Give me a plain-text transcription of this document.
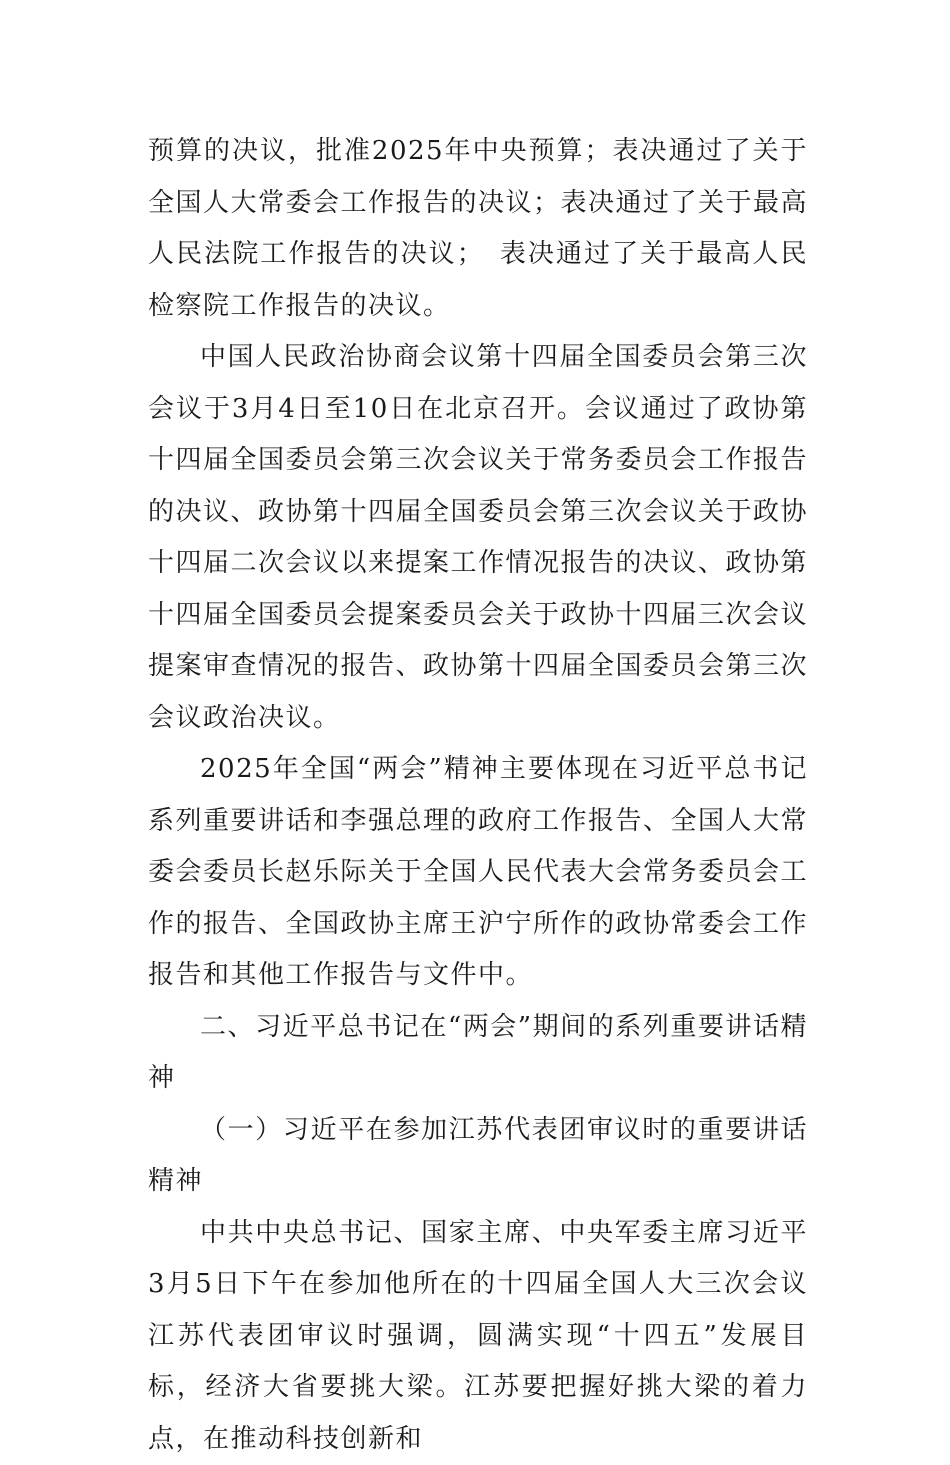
预算的决议，批准2025年中央预算；表决通过了关于全国人大常委会工作报告的决议；表决通过了关于最高人民法院工作报告的决议；　表决通过了关于最高人民检察院工作报告的决议。

中国人民政治协商会议第十四届全国委员会第三次会议于3月4日至10日在北京召开。会议通过了政协第十四届全国委员会第三次会议关于常务委员会工作报告的决议、政协第十四届全国委员会第三次会议关于政协十四届二次会议以来提案工作情况报告的决议、政协第十四届全国委员会提案委员会关于政协十四届三次会议提案审查情况的报告、政协第十四届全国委员会第三次会议政治决议。

2025年全国“两会”精神主要体现在习近平总书记系列重要讲话和李强总理的政府工作报告、全国人大常委会委员长赵乐际关于全国人民代表大会常务委员会工作的报告、全国政协主席王沪宁所作的政协常委会工作报告和其他工作报告与文件中。

二、习近平总书记在“两会”期间的系列重要讲话精神

（一）习近平在参加江苏代表团审议时的重要讲话精神

中共中央总书记、国家主席、中央军委主席习近平3月5日下午在参加他所在的十四届全国人大三次会议江苏代表团审议时强调，圆满实现“十四五”发展目标，经济大省要挑大梁。江苏要把握好挑大梁的着力点，在推动科技创新和
